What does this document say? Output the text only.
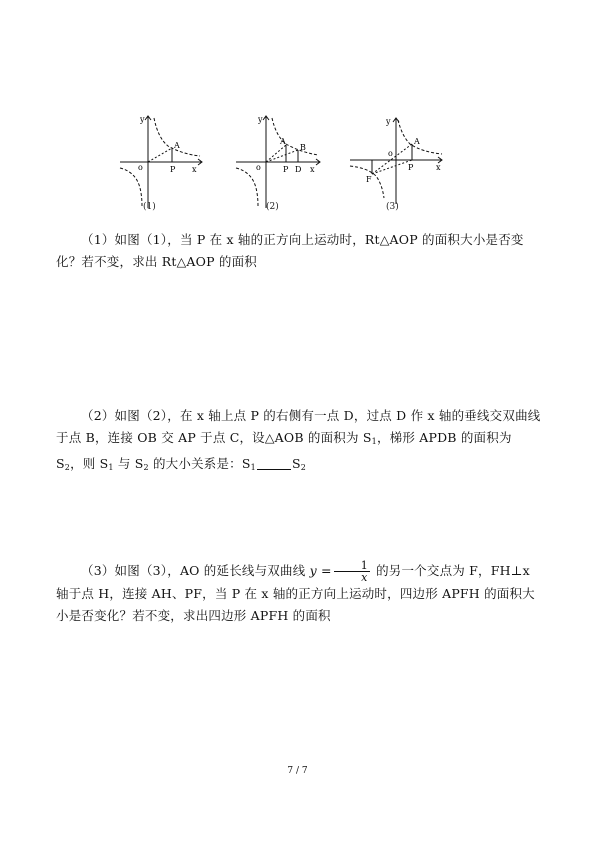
y
o
A
P x
(1)
y
o
A
B
P D x
(2)
y
A
o
P	x
F
(3)

（1）如图（1），当 P 在 x 轴的正方向上运动时，Rt△AOP 的面积大小是否变化？若不变，求出 Rt△AOP 的面积

（2）如图（2），在 x 轴上点 P 的右侧有一点 D，过点 D 作 x 轴的垂线交双曲线于点 B，连接 OB 交 AP 于点 C，设△AOB 的面积为 $S_1$，梯形 APDB 的面积为 $S_2$，则 $S_1$ 与 $S_2$ 的大小关系是：$S_1$	$S_2$

（3）如图（3），AO 的延长线与双曲线 $y = \frac{1}{x}$ 的另一个交点为 F，FH⊥x 轴于点 H，连接 AH、PF，当 P 在 x 轴的正方向上运动时，四边形 APFH 的面积大小是否变化？若不变，求出四边形 APFH 的面积

7 / 7
